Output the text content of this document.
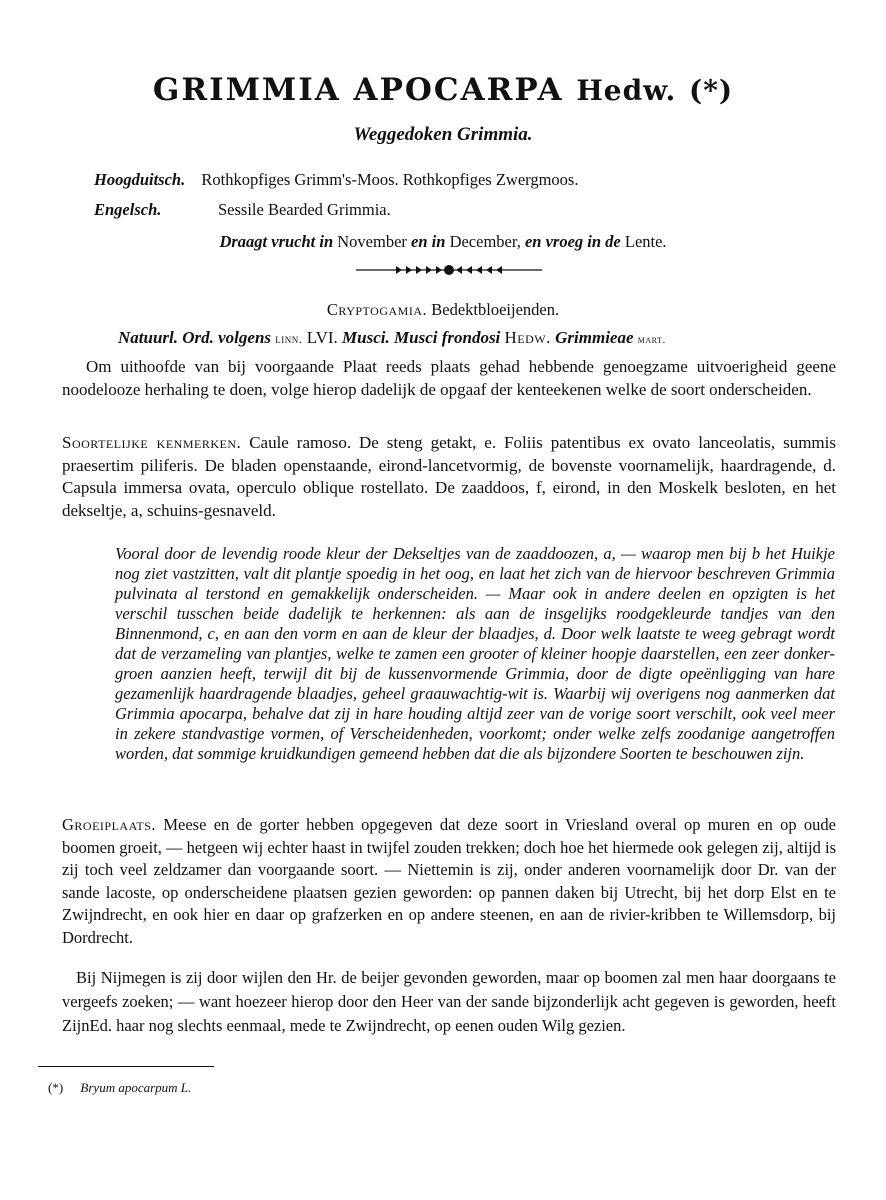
GRIMMIA APOCARPA Hedw. (*)
Weggedoken Grimmia.
Hoogduitsch. Rothkopfiges Grimm's-Moos. Rothkopfiges Zwergmoos.
Engelsch.	Sessile Bearded Grimmia.
Draagt vrucht in November en in December, en vroeg in de Lente.
Cryptogamia. Bedektbloeijenden.
Natuurl. Ord. volgens linn. LVI. Musci. Musci frondosi Hedw. Grimmieae mart.
Om uithoofde van bij voorgaande Plaat reeds plaats gehad hebbende genoegzame uitvoerigheid geene noodelooze herhaling te doen, volge hierop dadelijk de opgaaf der kenteekenen welke de soort onderscheiden.
Soortelijke kenmerken. Caule ramoso. De steng getakt, e. Foliis patentibus ex ovato lanceolatis, summis praesertim piliferis. De bladen openstaande, eirond-lancetvormig, de bovenste voornamelijk, haardragende, d. Capsula immersa ovata, operculo oblique rostellato. De zaaddoos, f, eirond, in den Moskelk besloten, en het dekseltje, a, schuins-gesnaveld.
Vooral door de levendig roode kleur der Dekseltjes van de zaaddoozen, a, — waarop men bij b het Huikje nog ziet vastzitten, valt dit plantje spoedig in het oog, en laat het zich van de hiervoor beschreven Grimmia pulvinata al terstond en gemakkelijk onderscheiden. — Maar ook in andere deelen en opzigten is het verschil tusschen beide dadelijk te herkennen: als aan de insgelijks roodgekleurde tandjes van den Binnenmond, c, en aan den vorm en aan de kleur der blaadjes, d. Door welk laatste te weeg gebragt wordt dat de verzameling van plantjes, welke te zamen een grooter of kleiner hoopje daarstellen, een zeer donker-groen aanzien heeft, terwijl dit bij de kussenvormende Grimmia, door de digte opeënligging van hare gezamenlijk haardragende blaadjes, geheel graauwachtig-wit is. Waarbij wij overigens nog aanmerken dat Grimmia apocarpa, behalve dat zij in hare houding altijd zeer van de vorige soort verschilt, ook veel meer in zekere standvastige vormen, of Verscheidenheden, voorkomt; onder welke zelfs zoodanige aangetroffen worden, dat sommige kruidkundigen gemeend hebben dat die als bijzondere Soorten te beschouwen zijn.
Groeiplaats. Meese en de gorter hebben opgegeven dat deze soort in Vriesland overal op muren en op oude boomen groeit, — hetgeen wij echter haast in twijfel zouden trekken; doch hoe het hiermede ook gelegen zij, altijd is zij toch veel zeldzamer dan voorgaande soort. — Niettemin is zij, onder anderen voornamelijk door Dr. van der sande lacoste, op onderscheidene plaatsen gezien geworden: op pannen daken bij Utrecht, bij het dorp Elst en te Zwijndrecht, en ook hier en daar op grafzerken en op andere steenen, en aan de rivier-kribben te Willemsdorp, bij Dordrecht.
Bij Nijmegen is zij door wijlen den Hr. de beijer gevonden geworden, maar op boomen zal men haar doorgaans te vergeefs zoeken; — want hoezeer hierop door den Heer van der sande bijzonderlijk acht gegeven is geworden, heeft ZijnEd. haar nog slechts eenmaal, mede te Zwijndrecht, op eenen ouden Wilg gezien.
(*) Bryum apocarpum L.
